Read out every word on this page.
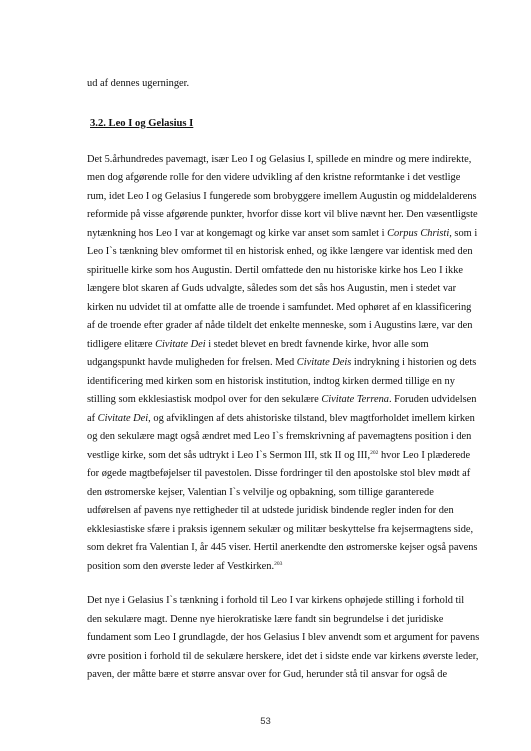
ud af dennes ugerninger.
3.2. Leo I og Gelasius I
Det 5.århundredes pavemagt, især Leo I og Gelasius I, spillede en mindre og mere indirekte,
men dog afgørende rolle for den videre udvikling af den kristne reformtanke i det vestlige
rum, idet Leo I og Gelasius I fungerede som brobyggere imellem Augustin og middelalderens
reformide på visse afgørende punkter, hvorfor disse kort vil blive nævnt her. Den væsentligste
nytænkning hos Leo I var at kongemagt og kirke var anset som samlet i Corpus Christi, som i
Leo I`s tænkning blev omformet til en historisk enhed, og ikke længere var identisk med den
spirituelle kirke som hos Augustin. Dertil omfattede den nu historiske kirke hos Leo I ikke
længere blot skaren af Guds udvalgte, således som det sås hos Augustin, men i stedet var
kirken nu udvidet til at omfatte alle de troende i samfundet. Med ophøret af en klassificering
af de troende efter grader af nåde tildelt det enkelte menneske, som i Augustins lære, var den
tidligere elitære Civitate Dei i stedet blevet en bredt favnende kirke, hvor alle som
udgangspunkt havde muligheden for frelsen. Med Civitate Deis indrykning i historien og dets
identificering med kirken som en historisk institution, indtog kirken dermed tillige en ny
stilling som ekklesiastisk modpol over for den sekulære Civitate Terrena. Foruden udvidelsen
af Civitate Dei, og afviklingen af dets ahistoriske tilstand, blev magtforholdet imellem kirken
og den sekulære magt også ændret med Leo I`s fremskrivning af pavemagtens position i den
vestlige kirke, som det sås udtrykt i Leo I`s Sermon III, stk II og III,$^{202}$ hvor Leo I plæderede
for øgede magtbeføjelser til pavestolen. Disse fordringer til den apostolske stol blev mødt af
den østromerske kejser, Valentian I`s velvilje og opbakning, som tillige garanterede
udførelsen af pavens nye rettigheder til at udstede juridisk bindende regler inden for den
ekklesiastiske sfære i praksis igennem sekulær og militær beskyttelse fra kejsermagtens side,
som dekret fra Valentian I, år 445 viser. Hertil anerkendte den østromerske kejser også pavens
position som den øverste leder af Vestkirken.$^{203}$
Det nye i Gelasius I`s tænkning i forhold til Leo I var kirkens ophøjede stilling i forhold til
den sekulære magt. Denne nye hierokratiske lære fandt sin begrundelse i det juridiske
fundament som Leo I grundlagde, der hos Gelasius I blev anvendt som et argument for pavens
øvre position i forhold til de sekulære herskere, idet det i sidste ende var kirkens øverste leder,
paven, der måtte bære et større ansvar over for Gud, herunder stå til ansvar for også de
53
